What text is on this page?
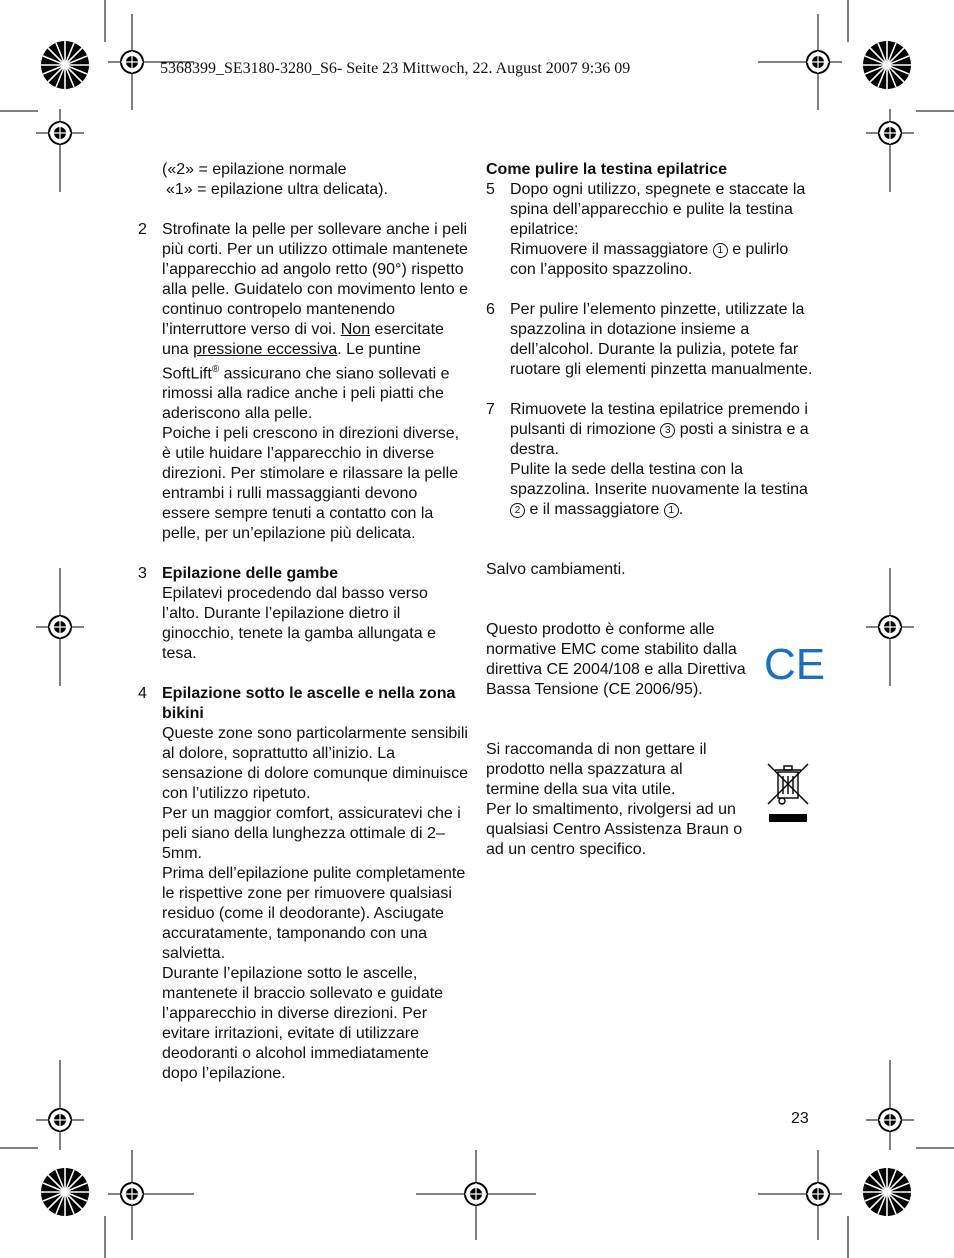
5368399_SE3180-3280_S6- Seite 23 Mittwoch, 22. August 2007 9:36 09

(«2» = epilazione normale

«1» = epilazione ultra delicata).

2 Strofinate la pelle per sollevare anche i peli più corti. Per un utilizzo ottimale mantenete l’apparecchio ad angolo retto (90°) rispetto alla pelle. Guidatelo con movimento lento e continuo contropelo mantenendo l’interruttore verso di voi. Non esercitate una pressione eccessiva. Le puntine SoftLift® assicurano che siano sollevati e rimossi alla radice anche i peli piatti che aderiscono alla pelle.

Poiche i peli crescono in direzioni diverse, è utile huidare l’apparecchio in diverse direzioni. Per stimolare e rilassare la pelle entrambi i rulli massaggianti devono essere sempre tenuti a contatto con la pelle, per un’epilazione più delicata.

3 Epilazione delle gambe

Epilatevi procedendo dal basso verso l’alto. Durante l’epilazione dietro il ginocchio, tenete la gamba allungata e tesa.

4 Epilazione sotto le ascelle e nella zona bikini

Queste zone sono particolarmente sensibili al dolore, soprattutto all’inizio. La sensazione di dolore comunque diminuisce con l’utilizzo ripetuto.

Per un maggior comfort, assicuratevi che i peli siano della lunghezza ottimale di 2–5mm.

Prima dell’epilazione pulite completamente le rispettive zone per rimuovere qualsiasi residuo (come il deodorante). Asciugate accuratamente, tamponando con una salvietta.

Durante l’epilazione sotto le ascelle, mantenete il braccio sollevato e guidate l’apparecchio in diverse direzioni. Per evitare irritazioni, evitate di utilizzare deodoranti o alcohol immediatamente dopo l’epilazione.

Come pulire la testina epilatrice

5 Dopo ogni utilizzo, spegnete e staccate la spina dell’apparecchio e pulite la testina epilatrice:

Rimuovere il massaggiatore 1 e pulirlo con l’apposito spazzolino.

6 Per pulire l’elemento pinzette, utilizzate la spazzolina in dotazione insieme a dell’alcohol. Durante la pulizia, potete far ruotare gli elementi pinzetta manualmente.

7 Rimuovete la testina epilatrice premendo i pulsanti di rimozione 3 posti a sinistra e a destra.

Pulite la sede della testina con la spazzolina. Inserite nuovamente la testina 2 e il massaggiatore 1 .

Salvo cambiamenti.

Questo prodotto è conforme alle normative EMC come stabilito dalla direttiva CE 2004/108 e alla Direttiva Bassa Tensione (CE 2006/95).

Si raccomanda di non gettare il prodotto nella spazzatura al termine della sua vita utile.

Per lo smaltimento, rivolgersi ad un qualsiasi Centro Assistenza Braun o ad un centro specifico.

CE
23
